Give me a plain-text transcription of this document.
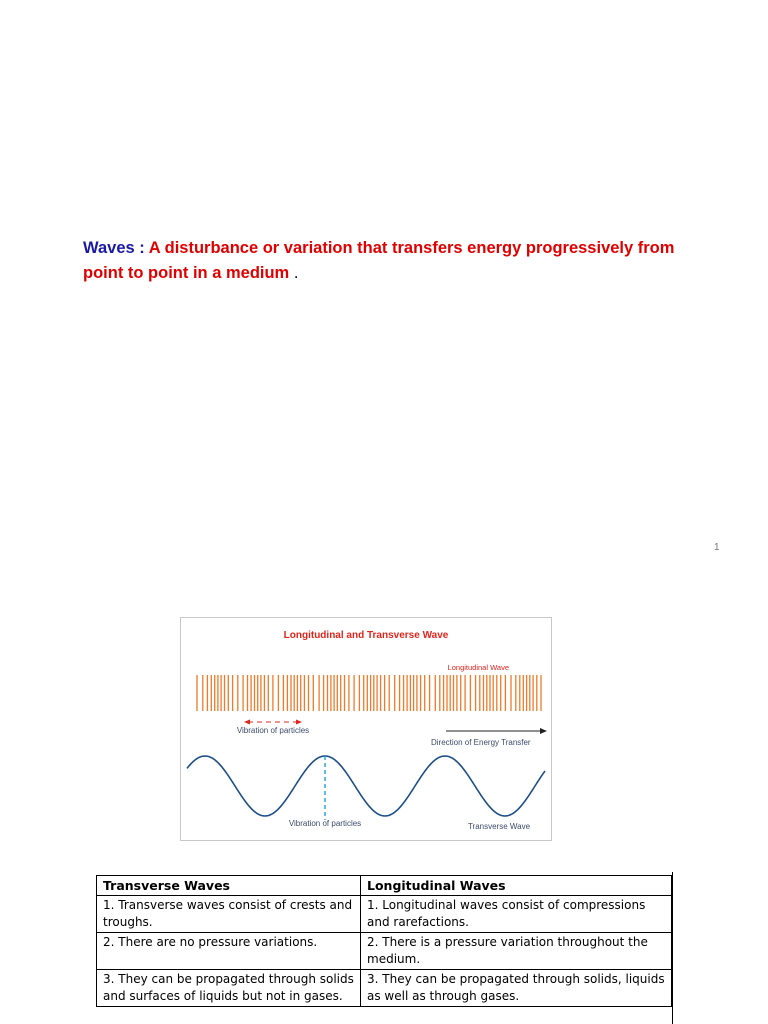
Waves : A disturbance or variation that transfers energy progressively from point to point in a medium .
1
Longitudinal and Transverse Wave
Longitudinal Wave
Vibration of particles
Direction of Energy Transfer
Vibration of particles	Transverse Wave
Transverse Waves	Longitudinal Waves
1. Transverse waves consist of crests and troughs.	1. Longitudinal waves consist of compressions and rarefactions.
2. There are no pressure variations.	2. There is a pressure variation throughout the medium.
3. They can be propagated through solids and surfaces of liquids but not in gases.	3. They can be propagated through solids, liquids as well as through gases.
